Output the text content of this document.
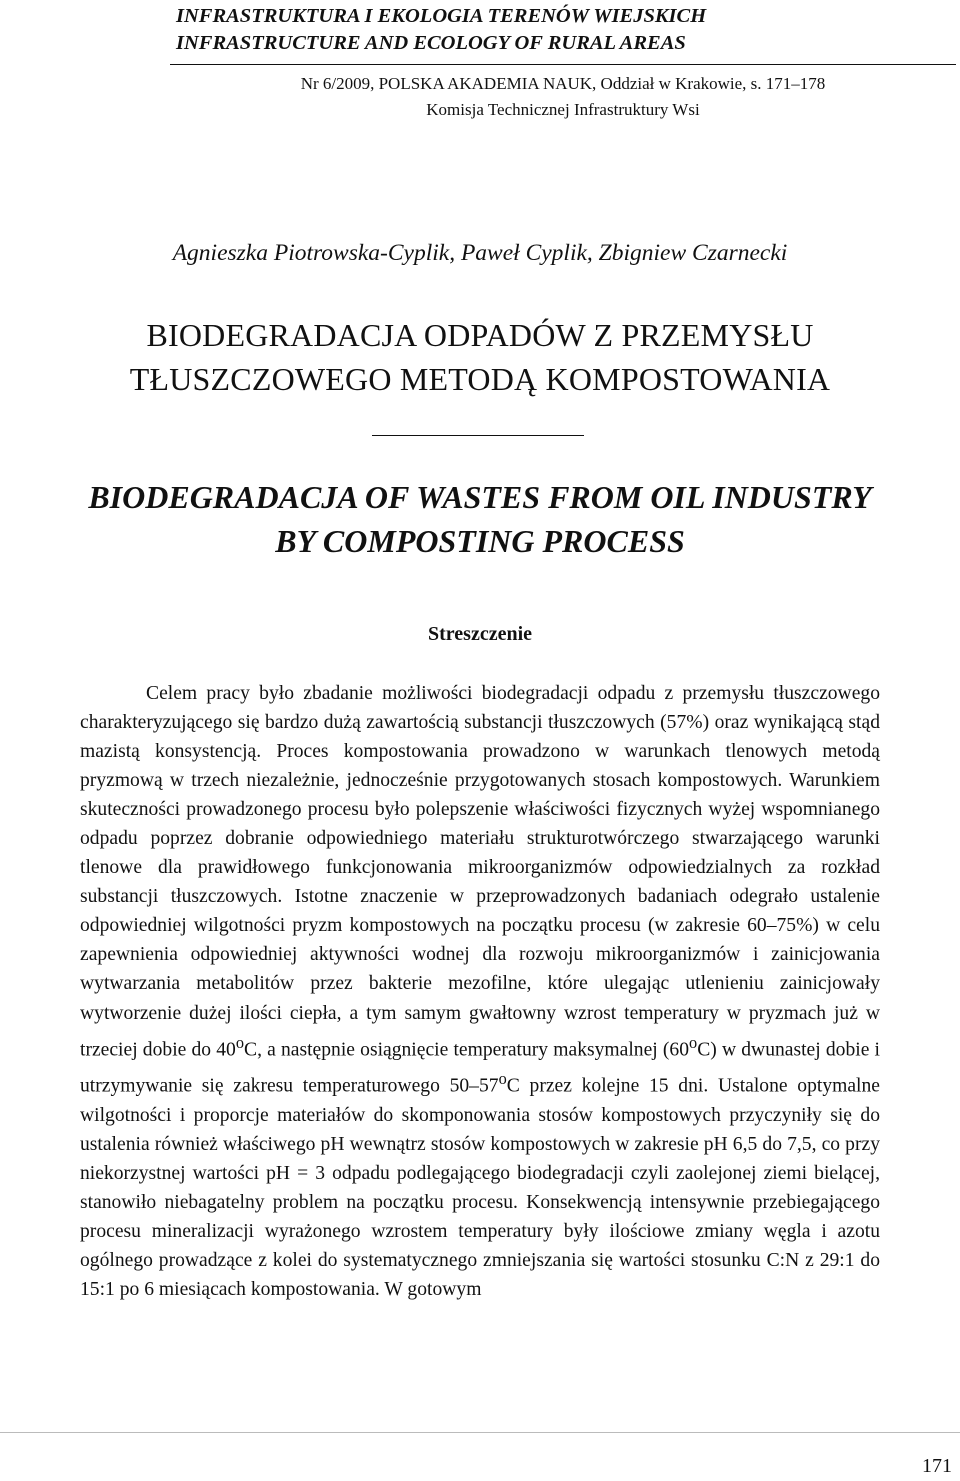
INFRASTRUKTURA I EKOLOGIA TERENÓW WIEJSKICH
INFRASTRUCTURE AND ECOLOGY OF RURAL AREAS
Nr 6/2009, POLSKA AKADEMIA NAUK, Oddział w Krakowie, s. 171–178
Komisja Technicznej Infrastruktury Wsi
Agnieszka Piotrowska-Cyplik, Paweł Cyplik, Zbigniew Czarnecki
BIODEGRADACJA ODPADÓW Z PRZEMYSŁU
TŁUSZCZOWEGO METODĄ KOMPOSTOWANIA
BIODEGRADACJA OF WASTES FROM OIL INDUSTRY
BY COMPOSTING PROCESS
Streszczenie
Celem pracy było zbadanie możliwości biodegradacji odpadu z przemysłu tłuszczowego charakteryzującego się bardzo dużą zawartością substancji tłuszczowych (57%) oraz wynikającą stąd mazistą konsystencją. Proces kompostowania prowadzono w warunkach tlenowych metodą pryzmową w trzech niezależnie, jednocześnie przygotowanych stosach kompostowych. Warunkiem skuteczności prowadzonego procesu było polepszenie właściwości fizycznych wyżej wspomnianego odpadu poprzez dobranie odpowiedniego materiału strukturotwórczego stwarzającego warunki tlenowe dla prawidłowego funkcjonowania mikroorganizmów odpowiedzialnych za rozkład substancji tłuszczowych. Istotne znaczenie w przeprowadzonych badaniach odegrało ustalenie odpowiedniej wilgotności pryzm kompostowych na początku procesu (w zakresie 60–75%) w celu zapewnienia odpowiedniej aktywności wodnej dla rozwoju mikroorganizmów i zainicjowania wytwarzania metabolitów przez bakterie mezofilne, które ulegając utlenieniu zainicjowały wytworzenie dużej ilości ciepła, a tym samym gwałtowny wzrost temperatury w pryzmach już w trzeciej dobie do 40$^o$C, a następnie osiągnięcie temperatury maksymalnej (60$^o$C) w dwunastej dobie i utrzymywanie się zakresu temperaturowego 50–57$^o$C przez kolejne 15 dni. Ustalone optymalne wilgotności i proporcje materiałów do skomponowania stosów kompostowych przyczyniły się do ustalenia również właściwego pH wewnątrz stosów kompostowych w zakresie pH 6,5 do 7,5, co przy niekorzystnej wartości pH = 3 odpadu podlegającego biodegradacji czyli zaolejonej ziemi bielącej, stanowiło niebagatelny problem na początku procesu. Konsekwencją intensywnie przebiegającego procesu mineralizacji wyrażonego wzrostem temperatury były ilościowe zmiany węgla i azotu ogólnego prowadzące z kolei do systematycznego zmniejszania się wartości stosunku C:N z 29:1 do 15:1 po 6 miesiącach kompostowania. W gotowym
171
